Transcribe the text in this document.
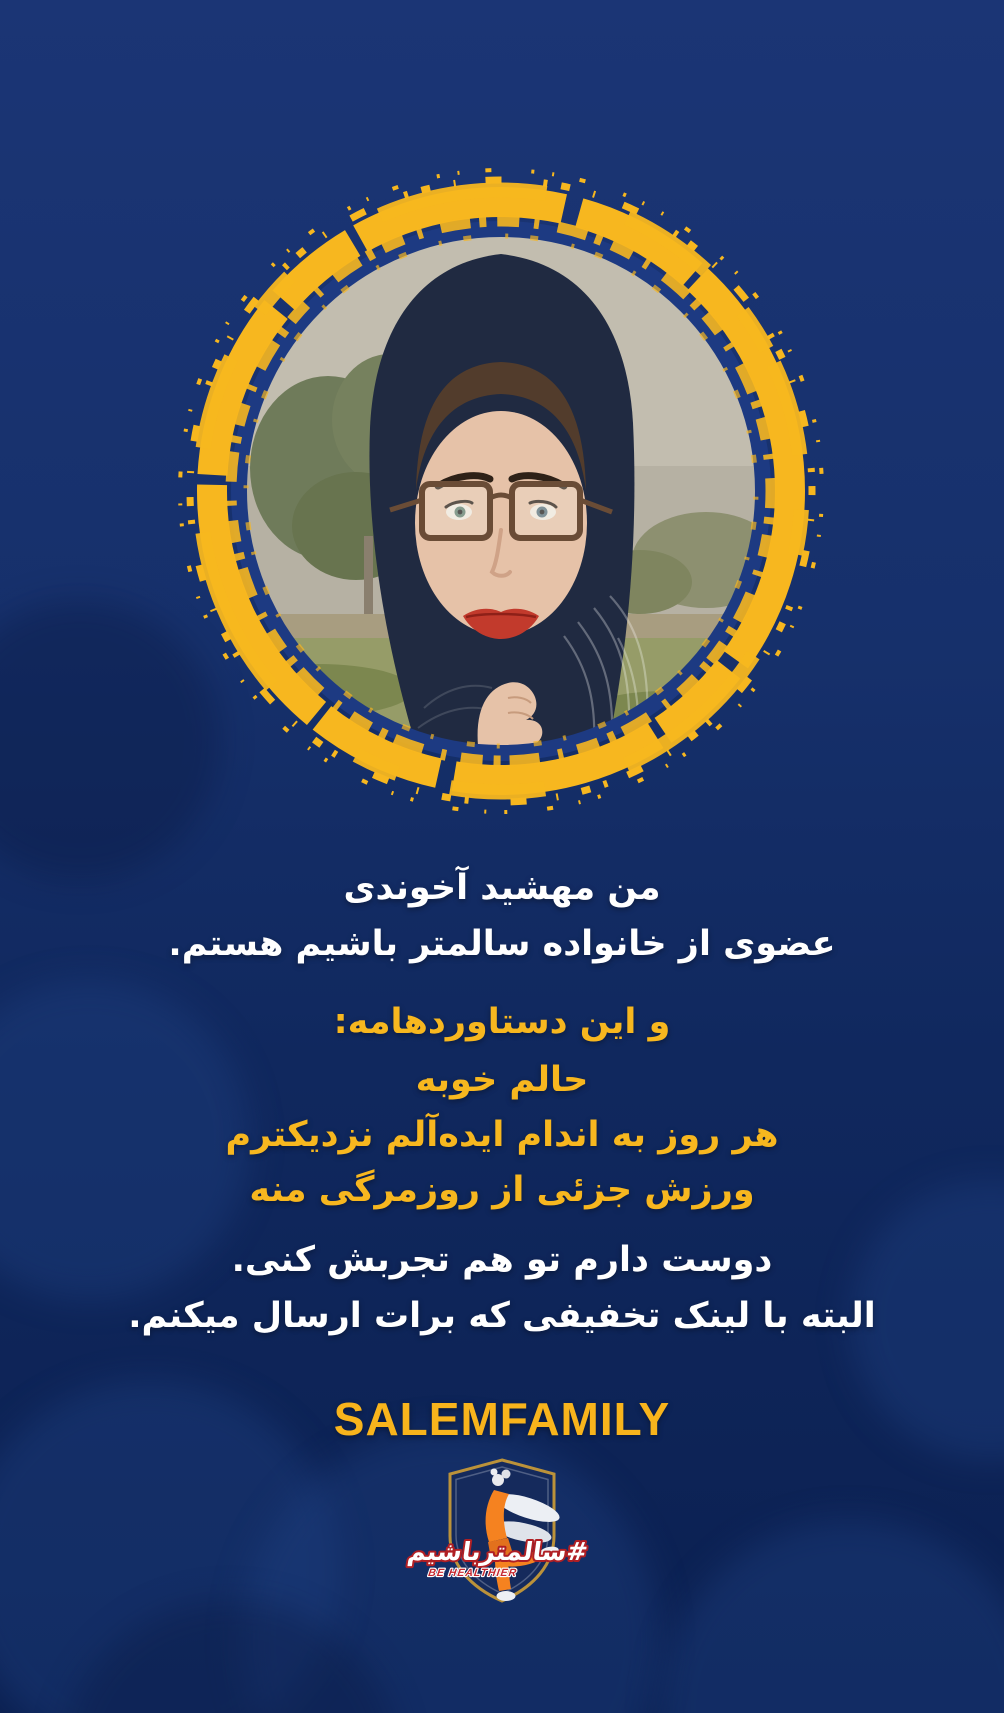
من مهشید آخوندی
عضوی از خانواده سالمتر باشیم هستم.
و این دستاوردهامه:
حالم خوبه
هر روز به اندام ایده‌آلم نزدیکترم
ورزش جزئی از روزمرگی منه
دوست دارم تو هم تجربش کنی.
البته با لینک تخفیفی که برات ارسال میکنم.
SALEMFAMILY
#سالمترباشیم
BE HEALTHIER
